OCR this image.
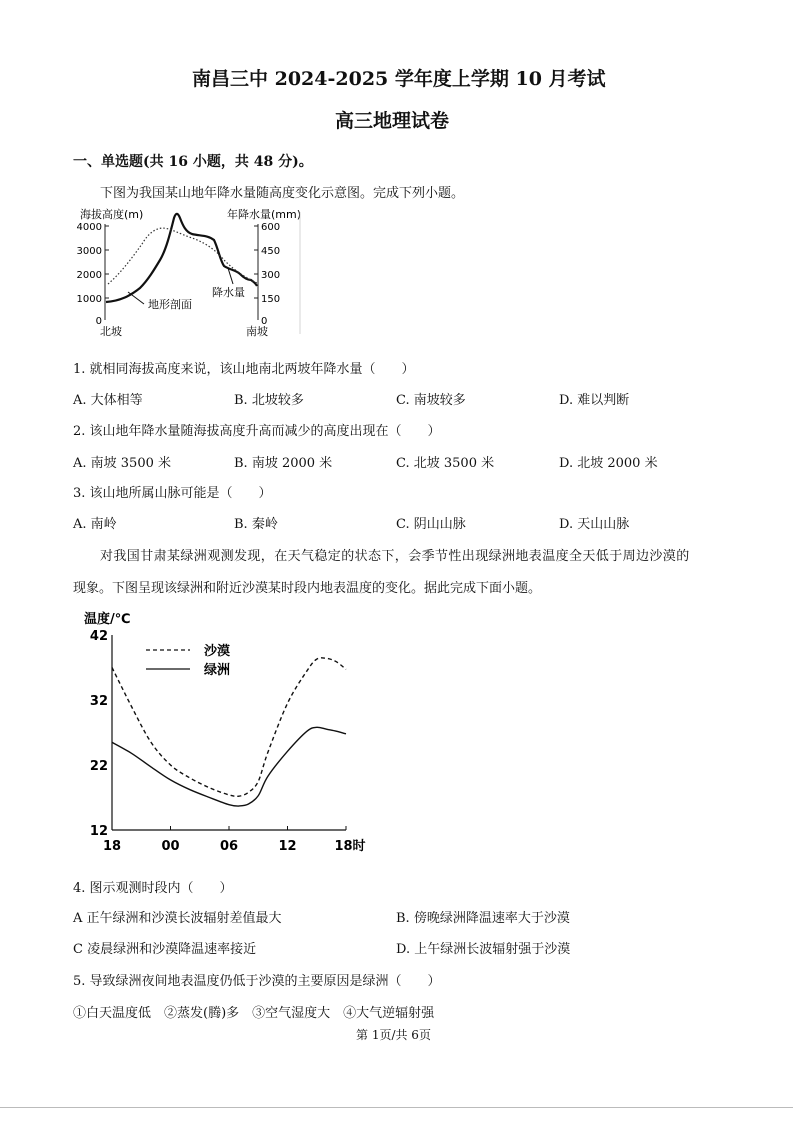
南昌三中 2024-2025 学年度上学期 10 月考试
高三地理试卷
一、单选题(共 16 小题，共 48 分)。
下图为我国某山地年降水量随高度变化示意图。完成下列小题。
海拔高度(m)	年降水量(mm)
4000
3000
2000
1000
0
600
450
300
150
0
地形剖面
降水量
北坡	南坡
1. 就相同海拔高度来说，该山地南北两坡年降水量（　　）
A. 大体相等	B. 北坡较多	C. 南坡较多	D. 难以判断
2. 该山地年降水量随海拔高度升高而减少的高度出现在（　　）
A. 南坡 3500 米	B. 南坡 2000 米	C. 北坡 3500 米	D. 北坡 2000 米
3. 该山地所属山脉可能是（　　）
A. 南岭	B. 秦岭	C. 阴山山脉	D. 天山山脉
对我国甘肃某绿洲观测发现，在天气稳定的状态下，会季节性出现绿洲地表温度全天低于周边沙漠的
现象。下图呈现该绿洲和附近沙漠某时段内地表温度的变化。据此完成下面小题。
温度/℃
42
32
22
12
18	00	06	12	18时
沙漠
绿洲
4. 图示观测时段内（　　）
A 正午绿洲和沙漠长波辐射差值最大	B. 傍晚绿洲降温速率大于沙漠
C 凌晨绿洲和沙漠降温速率接近	D. 上午绿洲长波辐射强于沙漠
5. 导致绿洲夜间地表温度仍低于沙漠的主要原因是绿洲（　　）
①白天温度低　②蒸发(腾)多　③空气湿度大　④大气逆辐射强
第 1页/共 6页
